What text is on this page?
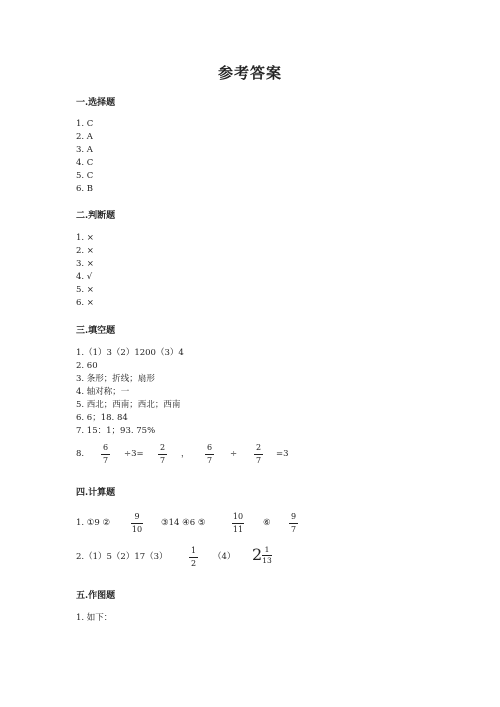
参考答案
一.选择题
1. C
2. A
3. A
4. C
5. C
6. B
二.判断题
1. ×
2. ×
3. ×
4. √
5. ×
6. ×
三.填空题
1.（1）3（2）1200（3）4
2. 60
3. 条形；折线；扇形
4. 轴对称；一
5. 西北；西南；西北；西南
6. 6；18. 84
7. 15：1；93. 75%
8.
6
7
÷3=
2
7
，
6
7
÷
2
7
=3
四.计算题
1. ①9 ②
9
10
③14 ④6 ⑤
10
11
⑥
9
7
2.（1）5（2）17（3）
1
2
（4） 2 1
13
五.作图题
1. 如下：
